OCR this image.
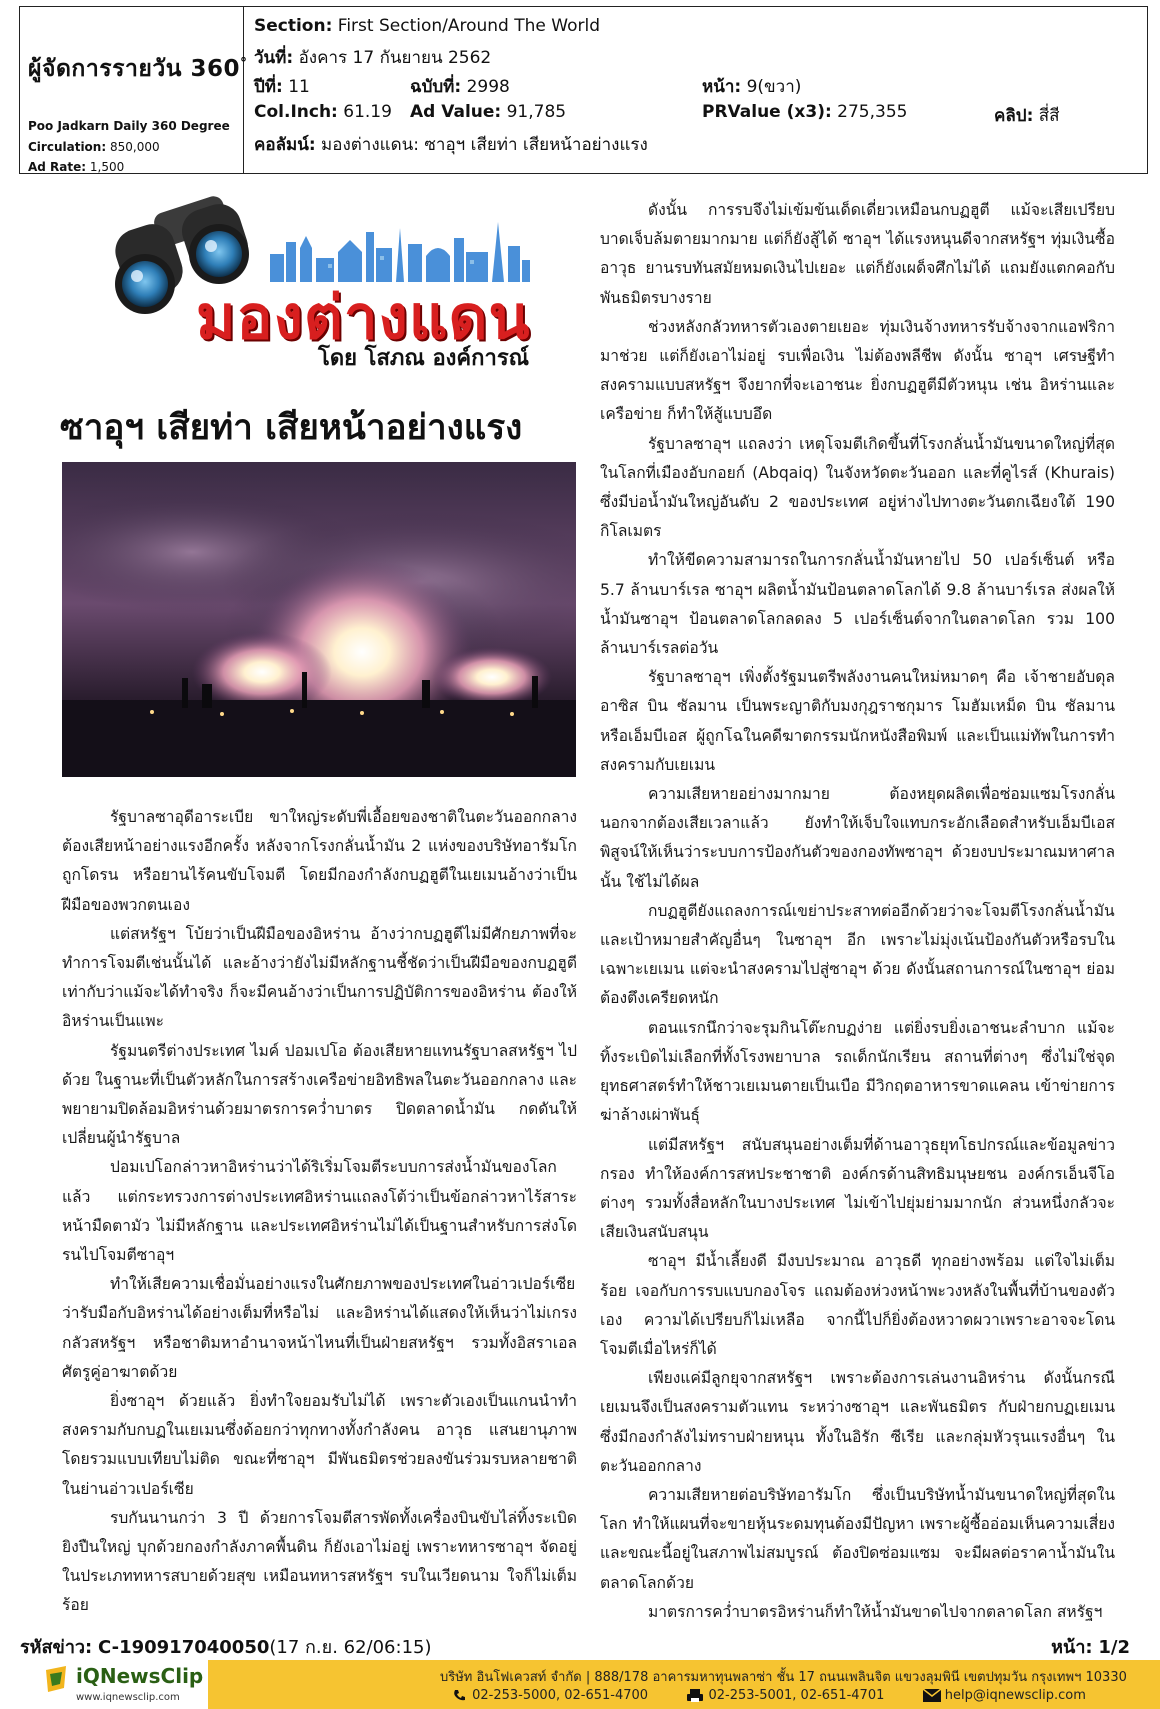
ผู้จัดการรายวัน 360°
Poo Jadkarn Daily 360 Degree
Circulation: 850,000
Ad Rate: 1,500
Section: First Section/Around The World
วันที่: อังคาร 17 กันยายน 2562
ปีที่: 11	ฉบับที่: 2998	หน้า: 9(ขวา)
Col.Inch: 61.19 Ad Value: 91,785	PRValue (x3): 275,355	คลิป: สี่สี
คอลัมน์: มองต่างแดน: ซาอุฯ เสียท่า เสียหน้าอย่างแรง
มองต่างแดน
โดย โสภณ องค์การณ์
ซาอุฯ เสียท่า เสียหน้าอย่างแรง

รัฐบาลซาอุดีอาระเบีย ขาใหญ่ระดับพี่เอื้อยของชาติในตะวันออกกลาง ต้องเสียหน้าอย่างแรงอีกครั้ง หลังจากโรงกลั่นน้ำมัน 2 แห่งของบริษัทอารัมโกถูกโดรน หรือยานไร้คนขับโจมตี โดยมีกองกำลังกบฏฮูตีในเยเมนอ้างว่าเป็นฝีมือของพวกตนเอง

แต่สหรัฐฯ โบ้ยว่าเป็นฝีมือของอิหร่าน อ้างว่ากบฏฮูตีไม่มีศักยภาพที่จะทำการโจมตีเช่นนั้นได้ และอ้างว่ายังไม่มีหลักฐานชี้ชัดว่าเป็นฝีมือของกบฏฮูตี เท่ากับว่าแม้จะได้ทำจริง ก็จะมีคนอ้างว่าเป็นการปฏิบัติการของอิหร่าน ต้องให้อิหร่านเป็นแพะ

รัฐมนตรีต่างประเทศ ไมค์ ปอมเปโอ ต้องเสียหายแทนรัฐบาลสหรัฐฯ ไปด้วย ในฐานะที่เป็นตัวหลักในการสร้างเครือข่ายอิทธิพลในตะวันออกกลาง และพยายามปิดล้อมอิหร่านด้วยมาตรการคว่ำบาตร ปิดตลาดน้ำมัน กดดันให้เปลี่ยนผู้นำรัฐบาล

ปอมเปโอกล่าวหาอิหร่านว่าได้ริเริ่มโจมตีระบบการส่งน้ำมันของโลกแล้ว แต่กระทรวงการต่างประเทศอิหร่านแถลงโต้ว่าเป็นข้อกล่าวหาไร้สาระ หน้ามืดตามัว ไม่มีหลักฐาน และประเทศอิหร่านไม่ได้เป็นฐานสำหรับการส่งโดรนไปโจมตีซาอุฯ

ทำให้เสียความเชื่อมั่นอย่างแรงในศักยภาพของประเทศในอ่าวเปอร์เซียว่ารับมือกับอิหร่านได้อย่างเต็มที่หรือไม่ และอิหร่านได้แสดงให้เห็นว่าไม่เกรงกลัวสหรัฐฯ หรือชาติมหาอำนาจหน้าไหนที่เป็นฝ่ายสหรัฐฯ รวมทั้งอิสราเอลศัตรูคู่อาฆาตด้วย

ยิ่งซาอุฯ ด้วยแล้ว ยิ่งทำใจยอมรับไม่ได้ เพราะตัวเองเป็นแกนนำทำสงครามกับกบฏในเยเมนซึ่งด้อยกว่าทุกทางทั้งกำลังคน อาวุธ แสนยานุภาพโดยรวมแบบเทียบไม่ติด ขณะที่ซาอุฯ มีพันธมิตรช่วยลงขันร่วมรบหลายชาติในย่านอ่าวเปอร์เซีย

รบกันนานกว่า 3 ปี ด้วยการโจมตีสารพัดทั้งเครื่องบินขับไล่ทิ้งระเบิด ยิงปืนใหญ่ บุกด้วยกองกำลังภาคพื้นดิน ก็ยังเอาไม่อยู่ เพราะทหารซาอุฯ จัดอยู่ในประเภททหารสบายด้วยสุข เหมือนทหารสหรัฐฯ รบในเวียดนาม ใจก็ไม่เต็มร้อย

ดังนั้น การรบจึงไม่เข้มข้นเด็ดเดี่ยวเหมือนกบฏฮูตี แม้จะเสียเปรียบ บาดเจ็บล้มตายมากมาย แต่ก็ยังสู้ได้ ซาอุฯ ได้แรงหนุนดีจากสหรัฐฯ ทุ่มเงินซื้ออาวุธ ยานรบทันสมัยหมดเงินไปเยอะ แต่ก็ยังเผด็จศึกไม่ได้ แถมยังแตกคอกับพันธมิตรบางราย

ช่วงหลังกลัวทหารตัวเองตายเยอะ ทุ่มเงินจ้างทหารรับจ้างจากแอฟริกามาช่วย แต่ก็ยังเอาไม่อยู่ รบเพื่อเงิน ไม่ต้องพลีชีพ ดังนั้น ซาอุฯ เศรษฐีทำสงครามแบบสหรัฐฯ จึงยากที่จะเอาชนะ ยิ่งกบฏฮูตีมีตัวหนุน เช่น อิหร่านและเครือข่าย ก็ทำให้สู้แบบอึด

รัฐบาลซาอุฯ แถลงว่า เหตุโจมตีเกิดขึ้นที่โรงกลั่นน้ำมันขนาดใหญ่ที่สุดในโลกที่เมืองอับกอยก์ (Abqaiq) ในจังหวัดตะวันออก และที่คูไรส์ (Khurais) ซึ่งมีบ่อน้ำมันใหญ่อันดับ 2 ของประเทศ อยู่ห่างไปทางตะวันตกเฉียงใต้ 190 กิโลเมตร

ทำให้ขีดความสามารถในการกลั่นน้ำมันหายไป 50 เปอร์เซ็นต์ หรือ 5.7 ล้านบาร์เรล ซาอุฯ ผลิตน้ำมันป้อนตลาดโลกได้ 9.8 ล้านบาร์เรล ส่งผลให้น้ำมันซาอุฯ ป้อนตลาดโลกลดลง 5 เปอร์เซ็นต์จากในตลาดโลก รวม 100 ล้านบาร์เรลต่อวัน

รัฐบาลซาอุฯ เพิ่งตั้งรัฐมนตรีพลังงานคนใหม่หมาดๆ คือ เจ้าชายอับดุลอาซิส บิน ซัลมาน เป็นพระญาติกับมงกุฎราชกุมาร โมฮัมเหม็ด บิน ซัลมาน หรือเอ็มบีเอส ผู้ถูกโฉในคดีฆาตกรรมนักหนังสือพิมพ์ และเป็นแม่ทัพในการทำสงครามกับเยเมน

ความเสียหายอย่างมากมาย ต้องหยุดผลิตเพื่อซ่อมแซมโรงกลั่น นอกจากต้องเสียเวลาแล้ว ยังทำให้เจ็บใจแทบกระอักเลือดสำหรับเอ็มบีเอส พิสูจน์ให้เห็นว่าระบบการป้องกันตัวของกองทัพซาอุฯ ด้วยงบประมาณมหาศาลนั้น ใช้ไม่ได้ผล

กบฏฮูตียังแถลงการณ์เขย่าประสาทต่ออีกด้วยว่าจะโจมตีโรงกลั่นน้ำมันและเป้าหมายสำคัญอื่นๆ ในซาอุฯ อีก เพราะไม่มุ่งเน้นป้องกันตัวหรือรบในเฉพาะเยเมน แต่จะนำสงครามไปสู่ซาอุฯ ด้วย ดังนั้นสถานการณ์ในซาอุฯ ย่อมต้องตึงเครียดหนัก

ตอนแรกนึกว่าจะรุมกินโต๊ะกบฏง่าย แต่ยิ่งรบยิ่งเอาชนะลำบาก แม้จะทิ้งระเบิดไม่เลือกที่ทั้งโรงพยาบาล รถเด็กนักเรียน สถานที่ต่างๆ ซึ่งไม่ใช่จุดยุทธศาสตร์ทำให้ชาวเยเมนตายเป็นเบือ มีวิกฤตอาหารขาดแคลน เข้าข่ายการฆ่าล้างเผ่าพันธุ์

แต่มีสหรัฐฯ สนับสนุนอย่างเต็มที่ด้านอาวุธยุทโธปกรณ์และข้อมูลข่าวกรอง ทำให้องค์การสหประชาชาติ องค์กรด้านสิทธิมนุษยชน องค์กรเอ็นจีโอต่างๆ รวมทั้งสื่อหลักในบางประเทศ ไม่เข้าไปยุ่มย่ามมากนัก ส่วนหนึ่งกลัวจะเสียเงินสนับสนุน

ซาอุฯ มีน้ำเลี้ยงดี มีงบประมาณ อาวุธดี ทุกอย่างพร้อม แต่ใจไม่เต็มร้อย เจอกับการรบแบบกองโจร แถมต้องห่วงหน้าพะวงหลังในพื้นที่บ้านของตัวเอง ความได้เปรียบก็ไม่เหลือ จากนี้ไปก็ยิ่งต้องหวาดผวาเพราะอาจจะโดนโจมตีเมื่อไหร่ก็ได้

เพียงแค่มีลูกยุจากสหรัฐฯ เพราะต้องการเล่นงานอิหร่าน ดังนั้นกรณีเยเมนจึงเป็นสงครามตัวแทน ระหว่างซาอุฯ และพันธมิตร กับฝ่ายกบฏเยเมนซึ่งมีกองกำลังไม่ทราบฝ่ายหนุน ทั้งในอิรัก ซีเรีย และกลุ่มหัวรุนแรงอื่นๆ ในตะวันออกกลาง

ความเสียหายต่อบริษัทอารัมโก ซึ่งเป็นบริษัทน้ำมันขนาดใหญ่ที่สุดในโลก ทำให้แผนที่จะขายหุ้นระดมทุนต้องมีปัญหา เพราะผู้ซื้ออ่อมเห็นความเสี่ยง และขณะนี้อยู่ในสภาพไม่สมบูรณ์ ต้องปิดซ่อมแซม จะมีผลต่อราคาน้ำมันในตลาดโลกด้วย

มาตรการคว่ำบาตรอิหร่านก็ทำให้น้ำมันขาดไปจากตลาดโลก สหรัฐฯ

รหัสข่าว: C-190917040050(17 ก.ย. 62/06:15)	หน้า: 1/2
iQNewsClip
www.iqnewsclip.com
บริษัท อินโฟเควสท์ จำกัด | 888/178 อาคารมหาทุนพลาซ่า ชั้น 17 ถนนเพลินจิต แขวงลุมพินี เขตปทุมวัน กรุงเทพฯ 10330
02-253-5000, 02-651-4700	02-253-5001, 02-651-4701	help@iqnewsclip.com
